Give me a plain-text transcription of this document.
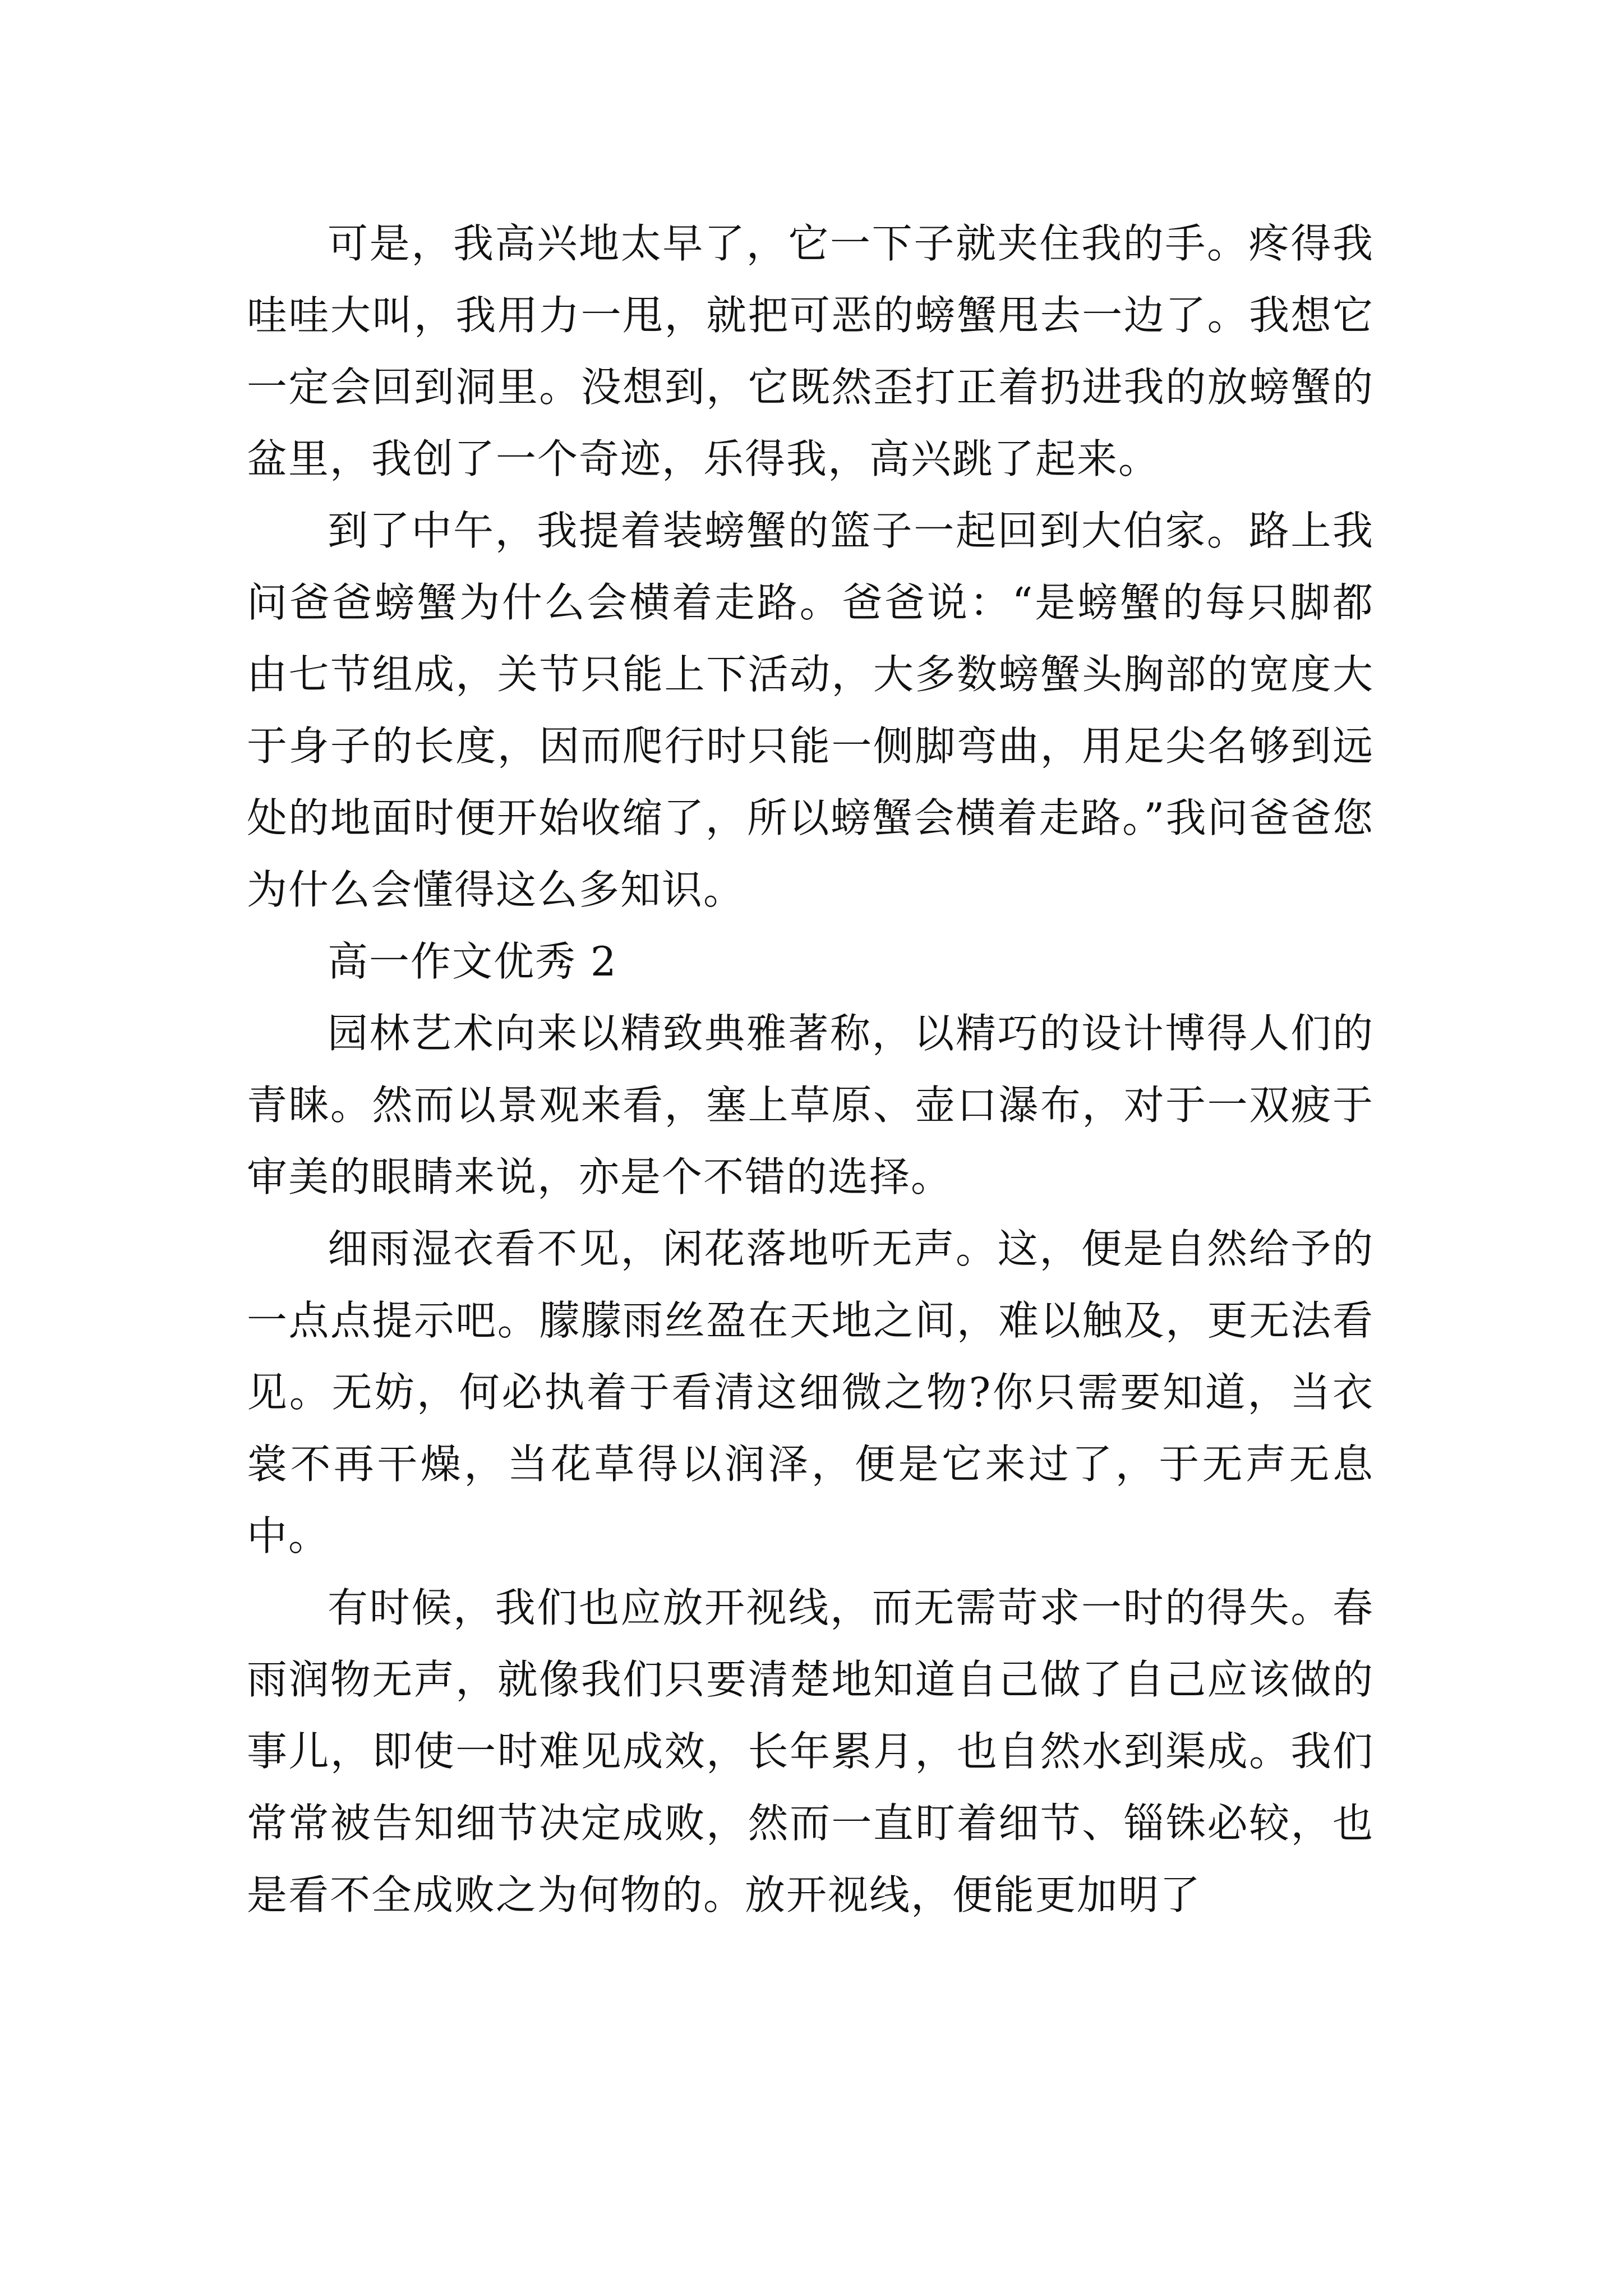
可是，我高兴地太早了，它一下子就夹住我的手。疼得我哇哇大叫，我用力一甩，就把可恶的螃蟹甩去一边了。我想它一定会回到洞里。没想到，它既然歪打正着扔进我的放螃蟹的盆里，我创了一个奇迹，乐得我，高兴跳了起来。

到了中午，我提着装螃蟹的篮子一起回到大伯家。路上我问爸爸螃蟹为什么会横着走路。爸爸说：“是螃蟹的每只脚都由七节组成，关节只能上下活动，大多数螃蟹头胸部的宽度大于身子的长度，因而爬行时只能一侧脚弯曲，用足尖名够到远处的地面时便开始收缩了，所以螃蟹会横着走路。”我问爸爸您为什么会懂得这么多知识。

高一作文优秀 2

园林艺术向来以精致典雅著称，以精巧的设计博得人们的青睐。然而以景观来看，塞上草原、壶口瀑布，对于一双疲于审美的眼睛来说，亦是个不错的选择。

细雨湿衣看不见，闲花落地听无声。这，便是自然给予的一点点提示吧。朦朦雨丝盈在天地之间，难以触及，更无法看见。无妨，何必执着于看清这细微之物?你只需要知道，当衣裳不再干燥，当花草得以润泽，便是它来过了，于无声无息中。

有时候，我们也应放开视线，而无需苛求一时的得失。春雨润物无声，就像我们只要清楚地知道自己做了自己应该做的事儿，即使一时难见成效，长年累月，也自然水到渠成。我们常常被告知细节决定成败，然而一直盯着细节、锱铢必较，也是看不全成败之为何物的。放开视线，便能更加明了
